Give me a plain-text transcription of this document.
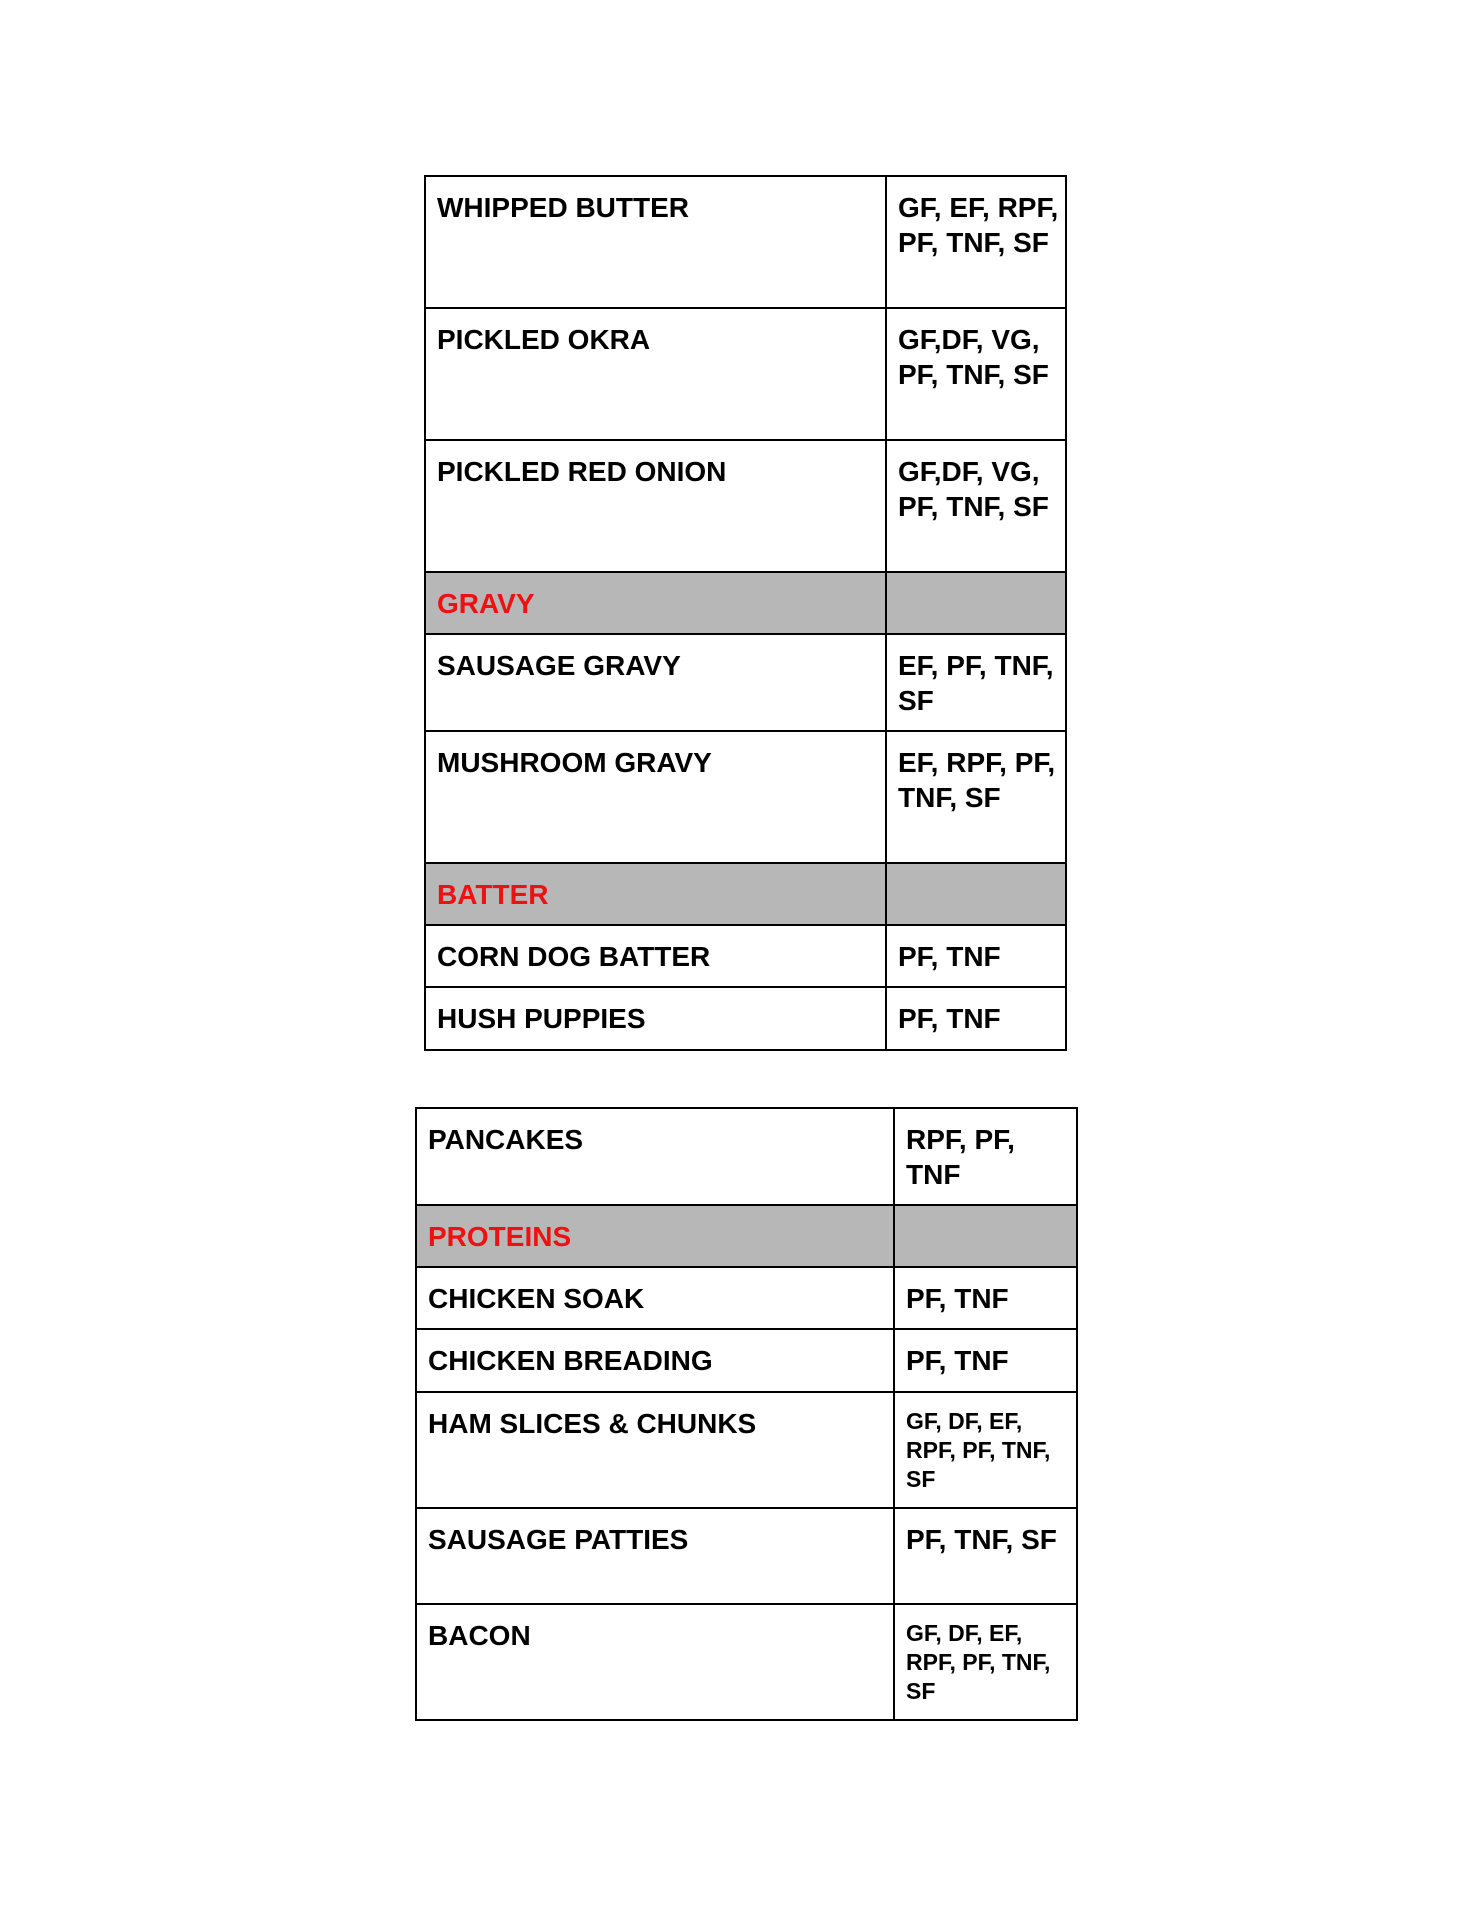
WHIPPED BUTTER	GF, EF, RPF, PF, TNF, SF
PICKLED OKRA	GF,DF, VG, PF, TNF, SF
PICKLED RED ONION	GF,DF, VG, PF, TNF, SF
GRAVY	
SAUSAGE GRAVY	EF, PF, TNF, SF
MUSHROOM GRAVY	EF, RPF, PF, TNF, SF
BATTER	
CORN DOG BATTER	PF, TNF
HUSH PUPPIES	PF, TNF
PANCAKES	RPF, PF, TNF
PROTEINS	
CHICKEN SOAK	PF, TNF
CHICKEN BREADING	PF, TNF
HAM SLICES & CHUNKS	GF, DF, EF, RPF, PF, TNF, SF
SAUSAGE PATTIES	PF, TNF, SF
BACON	GF, DF, EF, RPF, PF, TNF, SF
